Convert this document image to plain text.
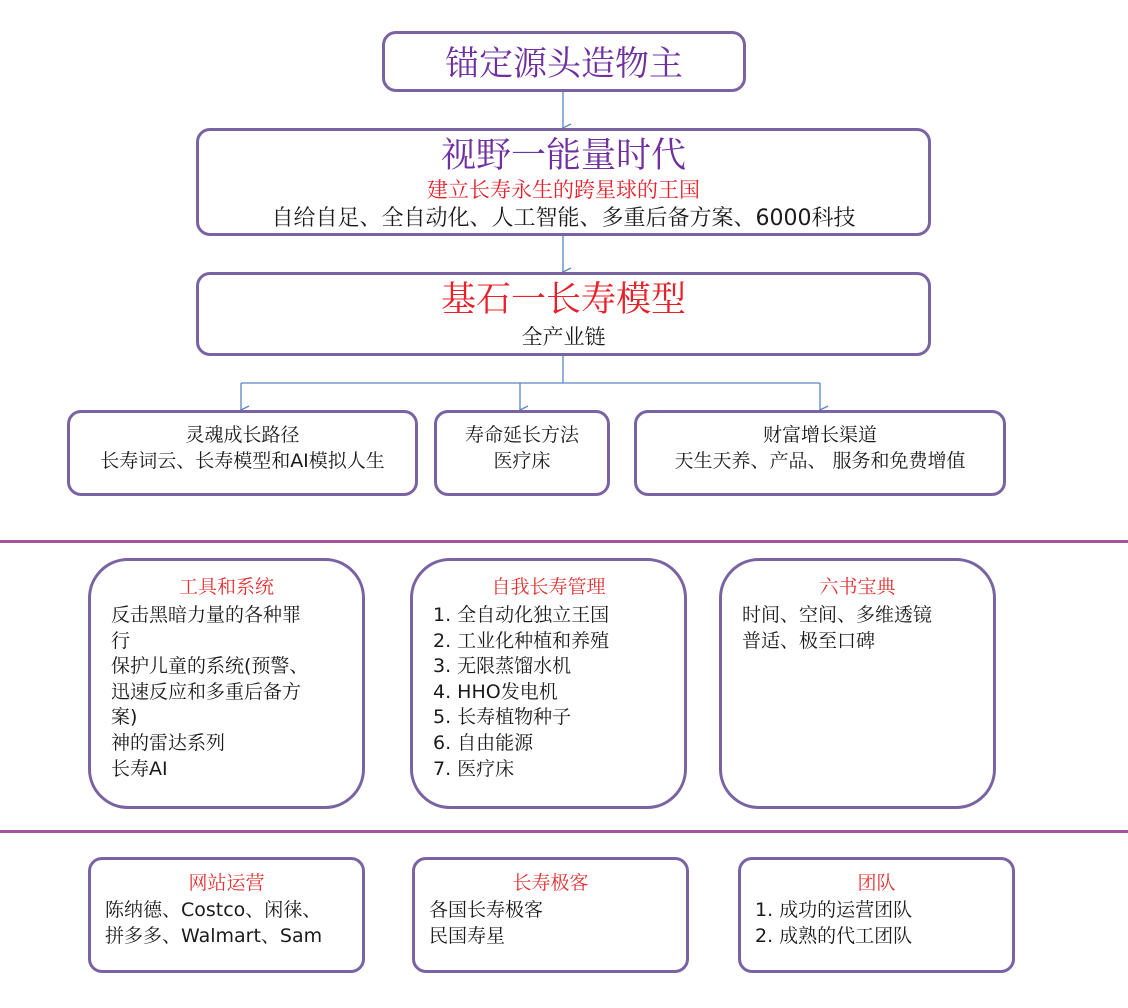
锚定源头造物主
视野一能量时代
建立长寿永生的跨星球的王国
自给自足、全自动化、人工智能、多重后备方案、6000科技
基石一长寿模型
全产业链
灵魂成长路径
长寿词云、长寿模型和AI模拟人生
寿命延长方法
医疗床
财富增长渠道
天生天养、产品、 服务和免费增值
工具和系统
反击黑暗力量的各种罪
行
保护儿童的系统(预警、
迅速反应和多重后备方
案)
神的雷达系列
长寿AI
自我长寿管理
1. 全自动化独立王国
2. 工业化种植和养殖
3. 无限蒸馏水机
4. HHO发电机
5. 长寿植物种子
6. 自由能源
7. 医疗床
六书宝典
时间、空间、多维透镜
普适、极至口碑
网站运营
陈纳德、Costco、闲徕、
拼多多、Walmart、Sam
长寿极客
各国长寿极客
民国寿星
团队
1. 成功的运营团队
2. 成熟的代工团队
